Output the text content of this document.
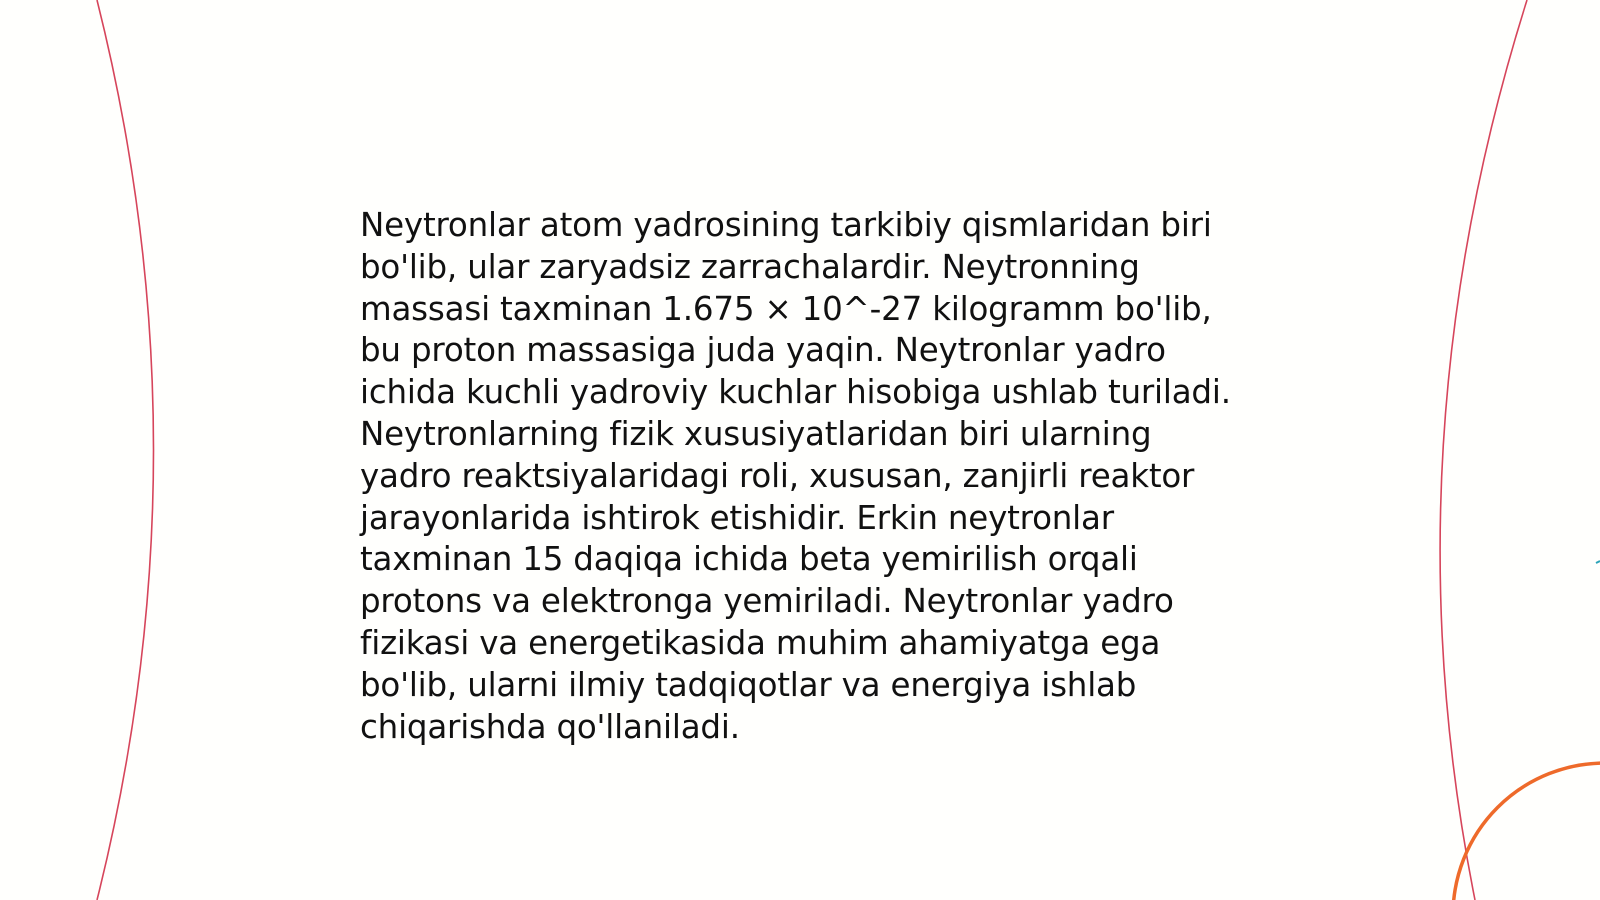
Neytronlar atom yadrosining tarkibiy qismlaridan biri
bo'lib, ular zaryadsiz zarrachalardir. Neytronning
massasi taxminan 1.675 × 10^-27 kilogramm bo'lib,
bu proton massasiga juda yaqin. Neytronlar yadro
ichida kuchli yadroviy kuchlar hisobiga ushlab turiladi.
Neytronlarning fizik xususiyatlaridan biri ularning
yadro reaktsiyalaridagi roli, xususan, zanjirli reaktor
jarayonlarida ishtirok etishidir. Erkin neytronlar
taxminan 15 daqiqa ichida beta yemirilish orqali
protons va elektronga yemiriladi. Neytronlar yadro
fizikasi va energetikasida muhim ahamiyatga ega
bo'lib, ularni ilmiy tadqiqotlar va energiya ishlab
chiqarishda qo'llaniladi.
